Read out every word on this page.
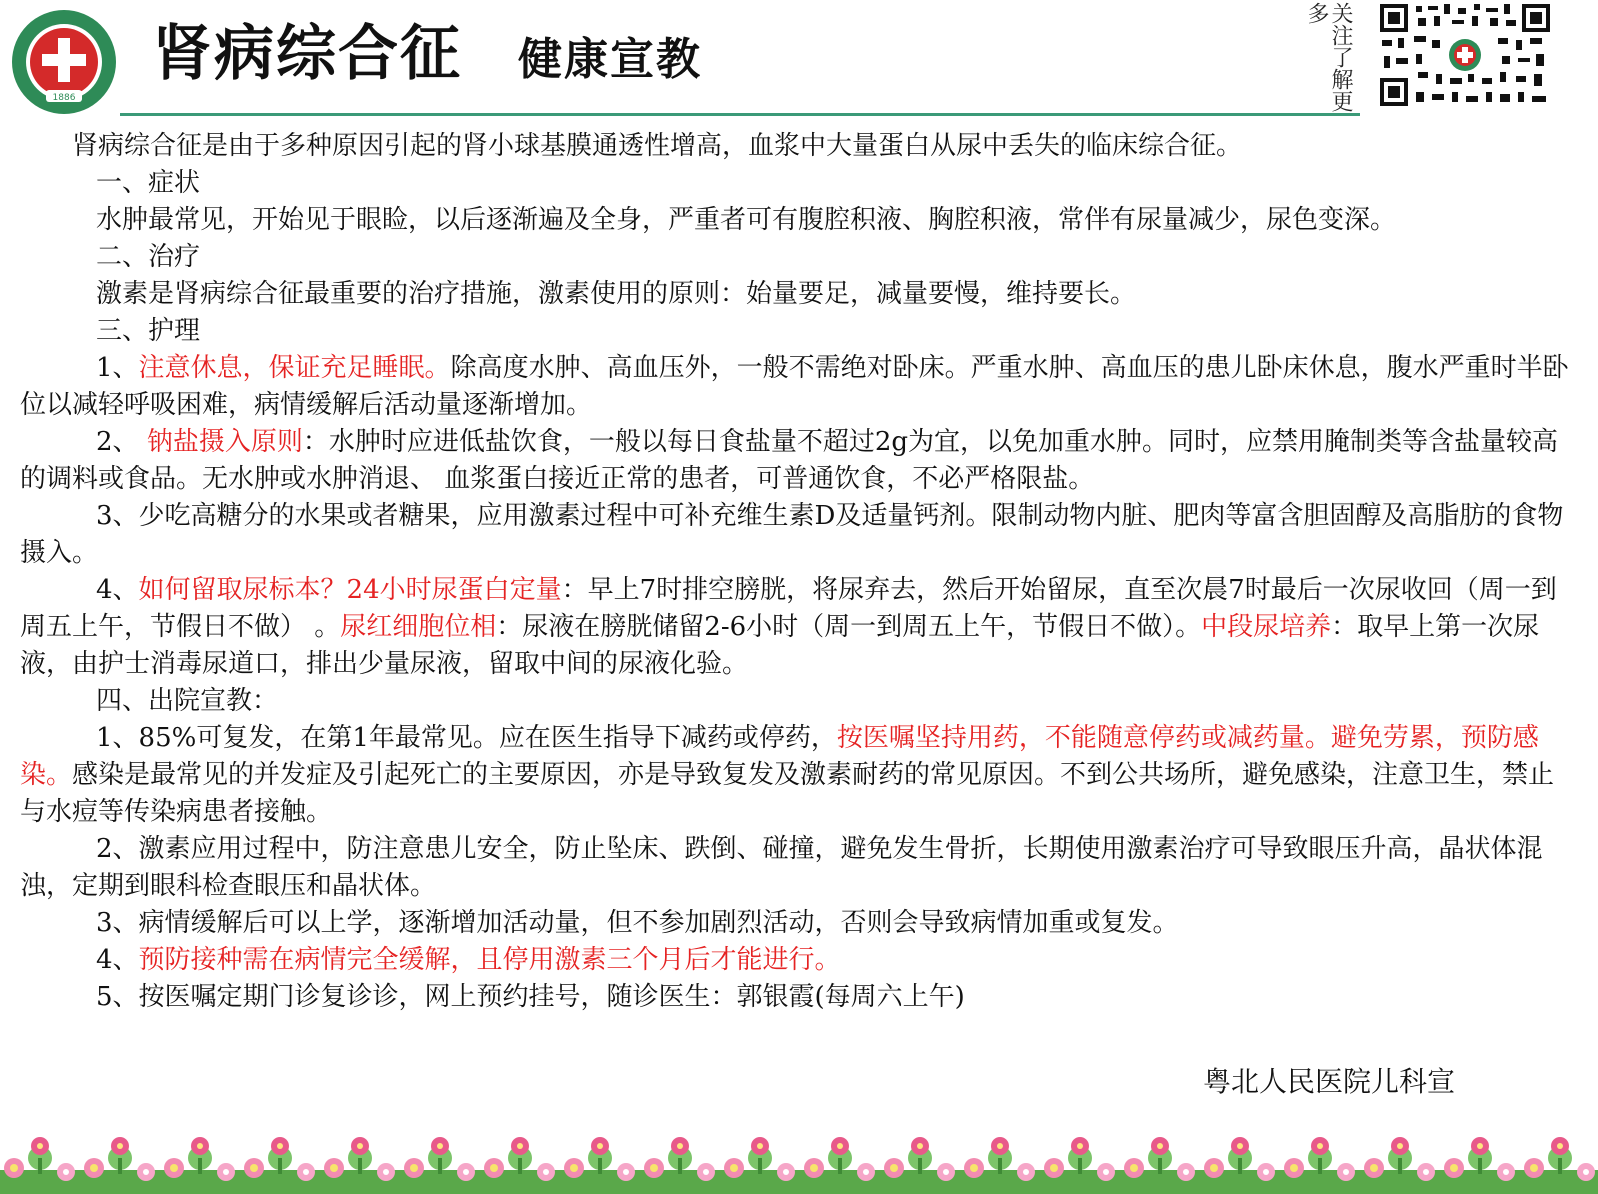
1886
肾病综合征 健康宣教	关注了解更多

肾病综合征是由于多种原因引起的肾小球基膜通透性增高，血浆中大量蛋白从尿中丢失的临床综合征。

一、症状

水肿最常见，开始见于眼睑，以后逐渐遍及全身，严重者可有腹腔积液、胸腔积液，常伴有尿量减少，尿色变深。

二、治疗

激素是肾病综合征最重要的治疗措施，激素使用的原则：始量要足，减量要慢，维持要长。

三、护理

1、注意休息，保证充足睡眠。除高度水肿、高血压外，一般不需绝对卧床。严重水肿、高血压的患儿卧床休息，腹水严重时半卧位以减轻呼吸困难，病情缓解后活动量逐渐增加。

2、 钠盐摄入原则：水肿时应进低盐饮食，一般以每日食盐量不超过2g为宜，以免加重水肿。同时，应禁用腌制类等含盐量较高的调料或食品。无水肿或水肿消退、 血浆蛋白接近正常的患者，可普通饮食，不必严格限盐。

3、少吃高糖分的水果或者糖果，应用激素过程中可补充维生素D及适量钙剂。限制动物内脏、肥肉等富含胆固醇及高脂肪的食物摄入。

4、如何留取尿标本？24小时尿蛋白定量：早上7时排空膀胱，将尿弃去，然后开始留尿，直至次晨7时最后一次尿收回（周一到周五上午，节假日不做） 。尿红细胞位相：尿液在膀胱储留2-6小时（周一到周五上午，节假日不做）。中段尿培养：取早上第一次尿液，由护士消毒尿道口，排出少量尿液，留取中间的尿液化验。

四、出院宣教：

1、85%可复发，在第1年最常见。应在医生指导下减药或停药，按医嘱坚持用药，不能随意停药或减药量。避免劳累，预防感染。感染是最常见的并发症及引起死亡的主要原因，亦是导致复发及激素耐药的常见原因。不到公共场所，避免感染，注意卫生，禁止与水痘等传染病患者接触。

2、激素应用过程中，防注意患儿安全，防止坠床、跌倒、碰撞，避免发生骨折，长期使用激素治疗可导致眼压升高，晶状体混浊，定期到眼科检查眼压和晶状体。

3、病情缓解后可以上学，逐渐增加活动量，但不参加剧烈活动，否则会导致病情加重或复发。

4、预防接种需在病情完全缓解，且停用激素三个月后才能进行。

5、按医嘱定期门诊复诊诊，网上预约挂号，随诊医生：郭银霞(每周六上午)

粤北人民医院儿科宣
